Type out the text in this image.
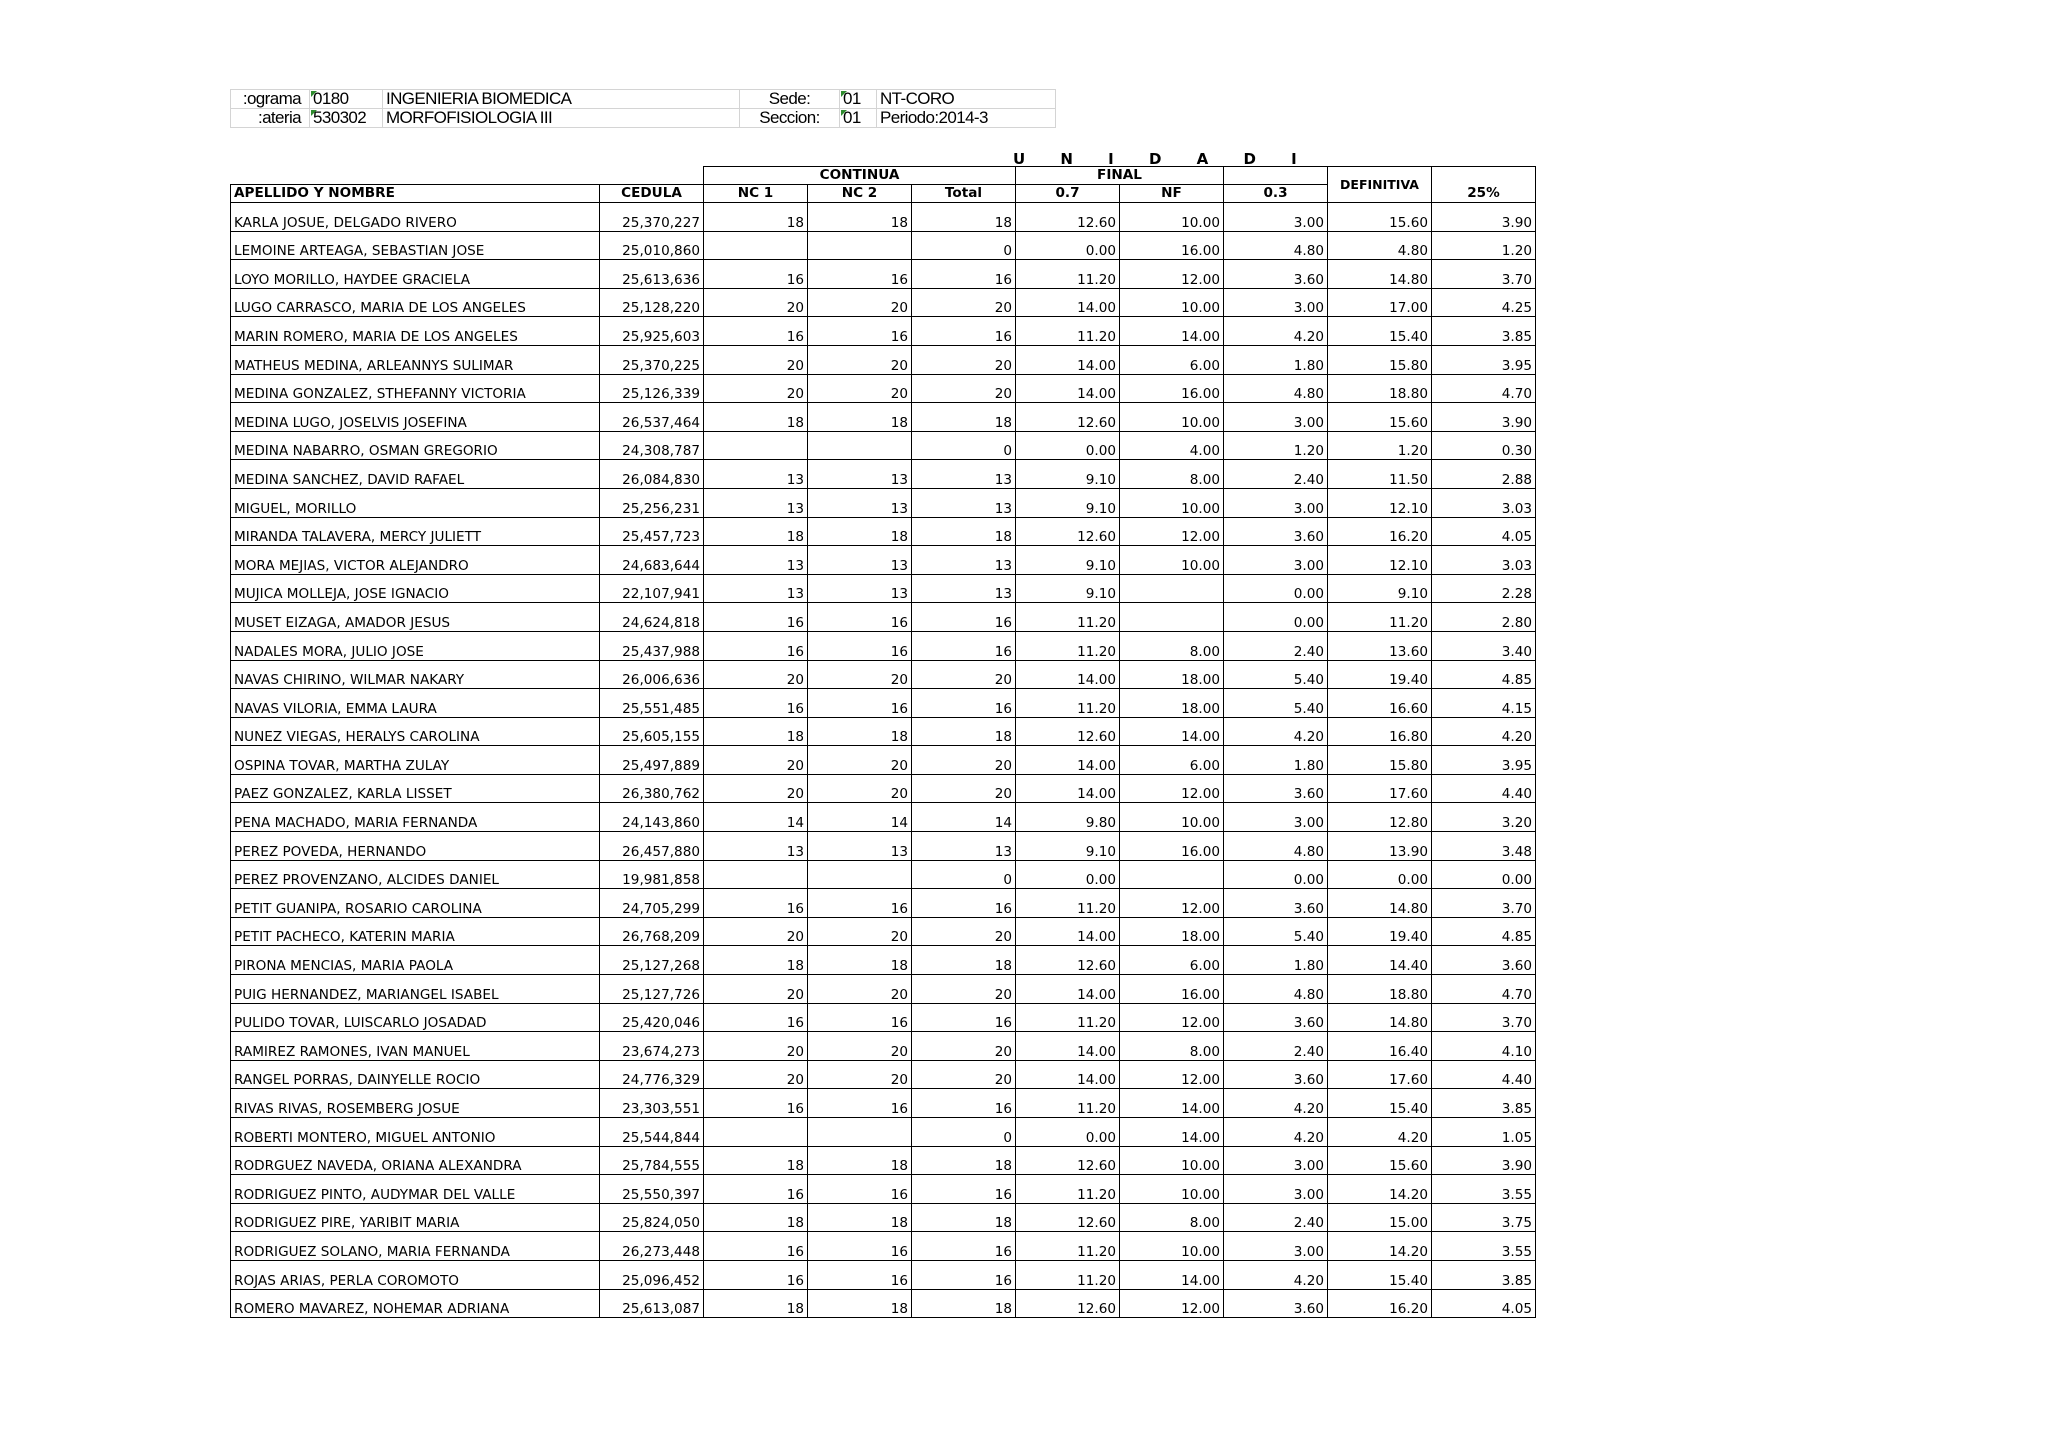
ograma:	0180	INGENIERIA BIOMEDICA	Sede:	01	NT-CORO
ateria:	530302	MORFOFISIOLOGIA III	Seccion:	01	Periodo:2014-3
U N I D A D I
		CONTINUA			FINAL			DEFINITIVA	25%
APELLIDO Y NOMBRE	CEDULA	NC 1	NC 2	Total	0.7	NF	0.3		
KARLA JOSUE, DELGADO RIVERO	25,370,227	18	18	18	12.60	10.00	3.00	15.60	3.90
LEMOINE ARTEAGA, SEBASTIAN JOSE	25,010,860			0	0.00	16.00	4.80	4.80	1.20
LOYO MORILLO, HAYDEE GRACIELA	25,613,636	16	16	16	11.20	12.00	3.60	14.80	3.70
LUGO CARRASCO, MARIA DE LOS ANGELES	25,128,220	20	20	20	14.00	10.00	3.00	17.00	4.25
MARIN ROMERO, MARIA DE LOS ANGELES	25,925,603	16	16	16	11.20	14.00	4.20	15.40	3.85
MATHEUS MEDINA, ARLEANNYS SULIMAR	25,370,225	20	20	20	14.00	6.00	1.80	15.80	3.95
MEDINA GONZALEZ, STHEFANNY VICTORIA	25,126,339	20	20	20	14.00	16.00	4.80	18.80	4.70
MEDINA LUGO, JOSELVIS JOSEFINA	26,537,464	18	18	18	12.60	10.00	3.00	15.60	3.90
MEDINA NABARRO, OSMAN GREGORIO	24,308,787			0	0.00	4.00	1.20	1.20	0.30
MEDINA SANCHEZ, DAVID RAFAEL	26,084,830	13	13	13	9.10	8.00	2.40	11.50	2.88
MIGUEL, MORILLO	25,256,231	13	13	13	9.10	10.00	3.00	12.10	3.03
MIRANDA TALAVERA, MERCY JULIETT	25,457,723	18	18	18	12.60	12.00	3.60	16.20	4.05
MORA MEJIAS, VICTOR ALEJANDRO	24,683,644	13	13	13	9.10	10.00	3.00	12.10	3.03
MUJICA MOLLEJA, JOSE IGNACIO	22,107,941	13	13	13	9.10		0.00	9.10	2.28
MUSET EIZAGA, AMADOR JESUS	24,624,818	16	16	16	11.20		0.00	11.20	2.80
NADALES MORA, JULIO JOSE	25,437,988	16	16	16	11.20	8.00	2.40	13.60	3.40
NAVAS CHIRINO, WILMAR NAKARY	26,006,636	20	20	20	14.00	18.00	5.40	19.40	4.85
NAVAS VILORIA, EMMA LAURA	25,551,485	16	16	16	11.20	18.00	5.40	16.60	4.15
NUNEZ VIEGAS, HERALYS CAROLINA	25,605,155	18	18	18	12.60	14.00	4.20	16.80	4.20
OSPINA TOVAR, MARTHA ZULAY	25,497,889	20	20	20	14.00	6.00	1.80	15.80	3.95
PAEZ GONZALEZ, KARLA LISSET	26,380,762	20	20	20	14.00	12.00	3.60	17.60	4.40
PENA MACHADO, MARIA FERNANDA	24,143,860	14	14	14	9.80	10.00	3.00	12.80	3.20
PEREZ POVEDA, HERNANDO	26,457,880	13	13	13	9.10	16.00	4.80	13.90	3.48
PEREZ PROVENZANO, ALCIDES DANIEL	19,981,858			0	0.00		0.00	0.00	0.00
PETIT GUANIPA, ROSARIO CAROLINA	24,705,299	16	16	16	11.20	12.00	3.60	14.80	3.70
PETIT PACHECO, KATERIN MARIA	26,768,209	20	20	20	14.00	18.00	5.40	19.40	4.85
PIRONA MENCIAS, MARIA PAOLA	25,127,268	18	18	18	12.60	6.00	1.80	14.40	3.60
PUIG HERNANDEZ, MARIANGEL ISABEL	25,127,726	20	20	20	14.00	16.00	4.80	18.80	4.70
PULIDO TOVAR, LUISCARLO JOSADAD	25,420,046	16	16	16	11.20	12.00	3.60	14.80	3.70
RAMIREZ RAMONES, IVAN MANUEL	23,674,273	20	20	20	14.00	8.00	2.40	16.40	4.10
RANGEL PORRAS, DAINYELLE ROCIO	24,776,329	20	20	20	14.00	12.00	3.60	17.60	4.40
RIVAS RIVAS, ROSEMBERG JOSUE	23,303,551	16	16	16	11.20	14.00	4.20	15.40	3.85
ROBERTI MONTERO, MIGUEL ANTONIO	25,544,844			0	0.00	14.00	4.20	4.20	1.05
RODRGUEZ NAVEDA, ORIANA ALEXANDRA	25,784,555	18	18	18	12.60	10.00	3.00	15.60	3.90
RODRIGUEZ PINTO, AUDYMAR DEL VALLE	25,550,397	16	16	16	11.20	10.00	3.00	14.20	3.55
RODRIGUEZ PIRE, YARIBIT MARIA	25,824,050	18	18	18	12.60	8.00	2.40	15.00	3.75
RODRIGUEZ SOLANO, MARIA FERNANDA	26,273,448	16	16	16	11.20	10.00	3.00	14.20	3.55
ROJAS ARIAS, PERLA COROMOTO	25,096,452	16	16	16	11.20	14.00	4.20	15.40	3.85
ROMERO MAVAREZ, NOHEMAR ADRIANA	25,613,087	18	18	18	12.60	12.00	3.60	16.20	4.05
